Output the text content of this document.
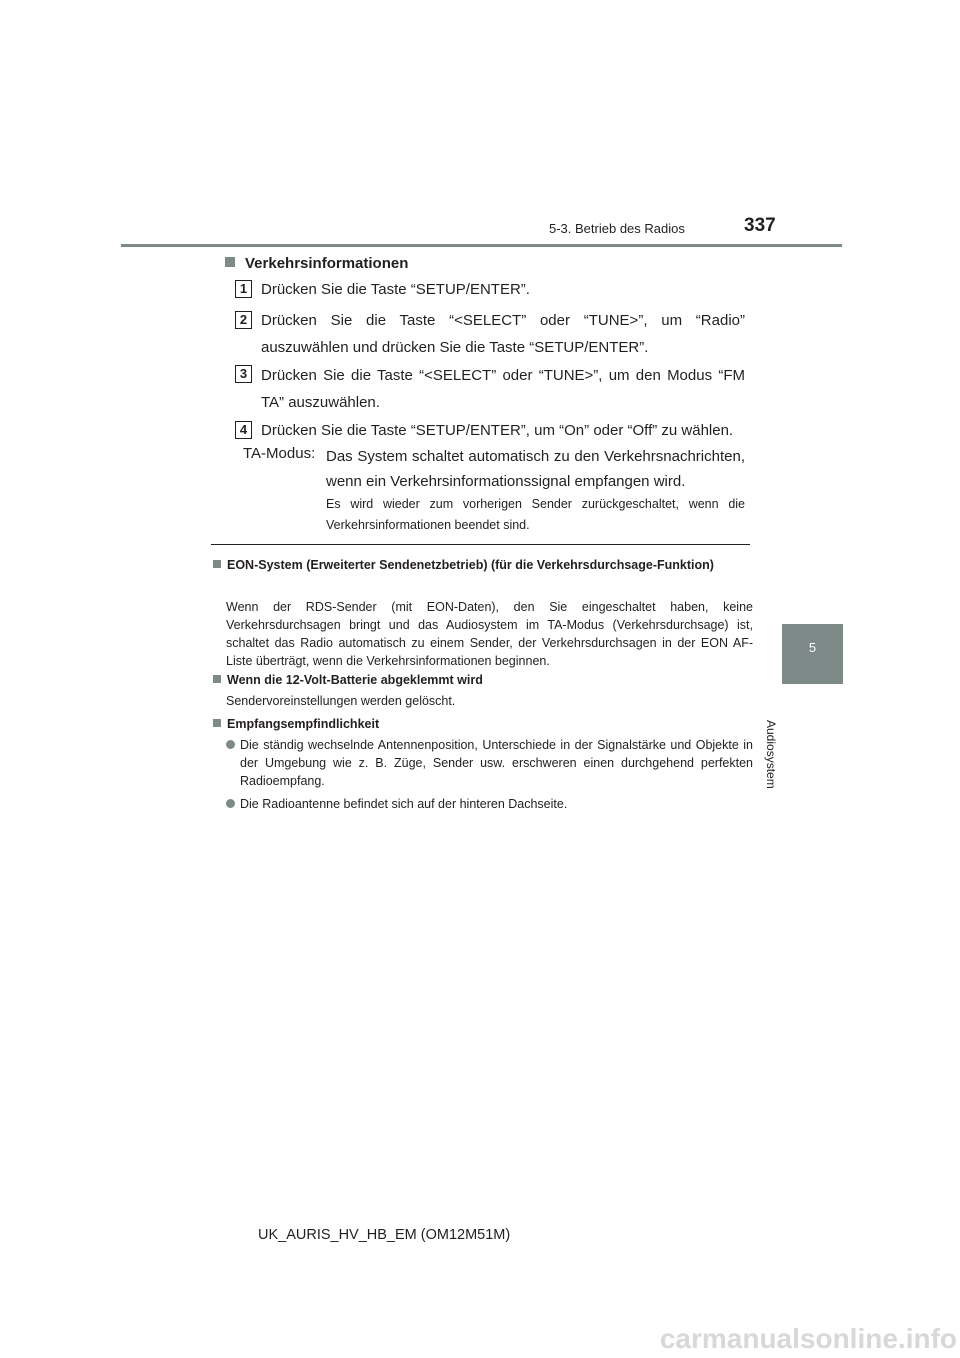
5-3. Betrieb des Radios	337
5
Audiosystem
Verkehrsinformationen
1 Drücken Sie die Taste “SETUP/ENTER”.
2 Drücken Sie die Taste “<SELECT” oder “TUNE>”, um “Radio” auszuwählen und drücken Sie die Taste “SETUP/ENTER”.
3 Drücken Sie die Taste “<SELECT” oder “TUNE>”, um den Modus “FM TA” auszuwählen.
4 Drücken Sie die Taste “SETUP/ENTER”, um “On” oder “Off” zu wählen.
TA-Modus: Das System schaltet automatisch zu den Verkehrsnachrichten, wenn ein Verkehrsinformationssignal empfangen wird.
Es wird wieder zum vorherigen Sender zurückgeschaltet, wenn die Verkehrsinformationen beendet sind.
EON-System (Erweiterter Sendenetzbetrieb) (für die Verkehrsdurchsage-Funktion)
Wenn der RDS-Sender (mit EON-Daten), den Sie eingeschaltet haben, keine Verkehrsdurchsagen bringt und das Audiosystem im TA-Modus (Verkehrsdurchsage) ist, schaltet das Radio automatisch zu einem Sender, der Verkehrsdurchsagen in der EON AF-Liste überträgt, wenn die Verkehrsinformationen beginnen.
Wenn die 12-Volt-Batterie abgeklemmt wird
Sendervoreinstellungen werden gelöscht.
Empfangsempfindlichkeit
Die ständig wechselnde Antennenposition, Unterschiede in der Signalstärke und Objekte in der Umgebung wie z. B. Züge, Sender usw. erschweren einen durchgehend perfekten Radioempfang.
Die Radioantenne befindet sich auf der hinteren Dachseite.
UK_AURIS_HV_HB_EM (OM12M51M)
carmanualsonline.info
